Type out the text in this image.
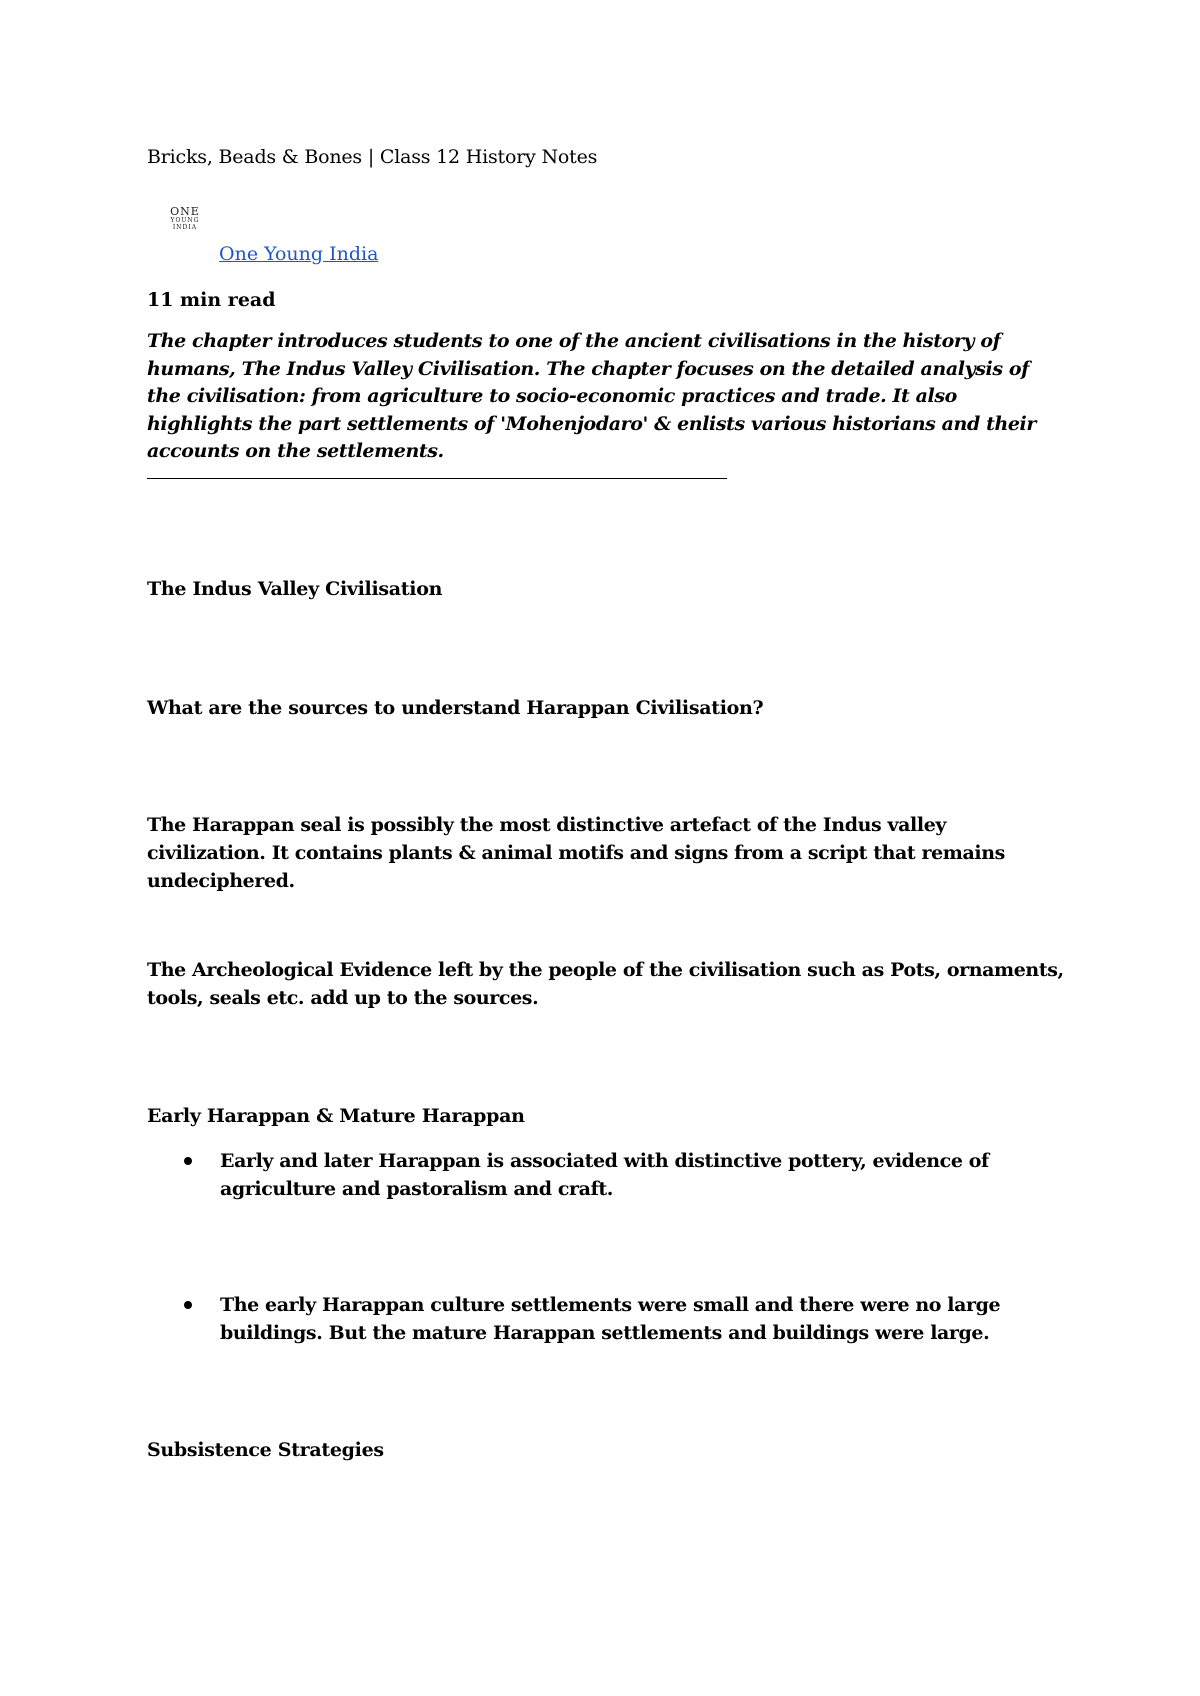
Bricks, Beads & Bones | Class 12 History Notes
ONE
YOUNG
INDIA
One Young India
11 min read
The chapter introduces students to one of the ancient civilisations in the history of humans, The Indus Valley Civilisation. The chapter focuses on the detailed analysis of the civilisation: from agriculture to socio-economic practices and trade. It also highlights the part settlements of 'Mohenjodaro' & enlists various historians and their accounts on the settlements.
The Indus Valley Civilisation
What are the sources to understand Harappan Civilisation?
The Harappan seal is possibly the most distinctive artefact of the Indus valley civilization. It contains plants & animal motifs and signs from a script that remains undeciphered.
The Archeological Evidence left by the people of the civilisation such as Pots, ornaments, tools, seals etc. add up to the sources.
Early Harappan & Mature Harappan
Early and later Harappan is associated with distinctive pottery, evidence of agriculture and pastoralism and craft.
The early Harappan culture settlements were small and there were no large buildings. But the mature Harappan settlements and buildings were large.
Subsistence Strategies
